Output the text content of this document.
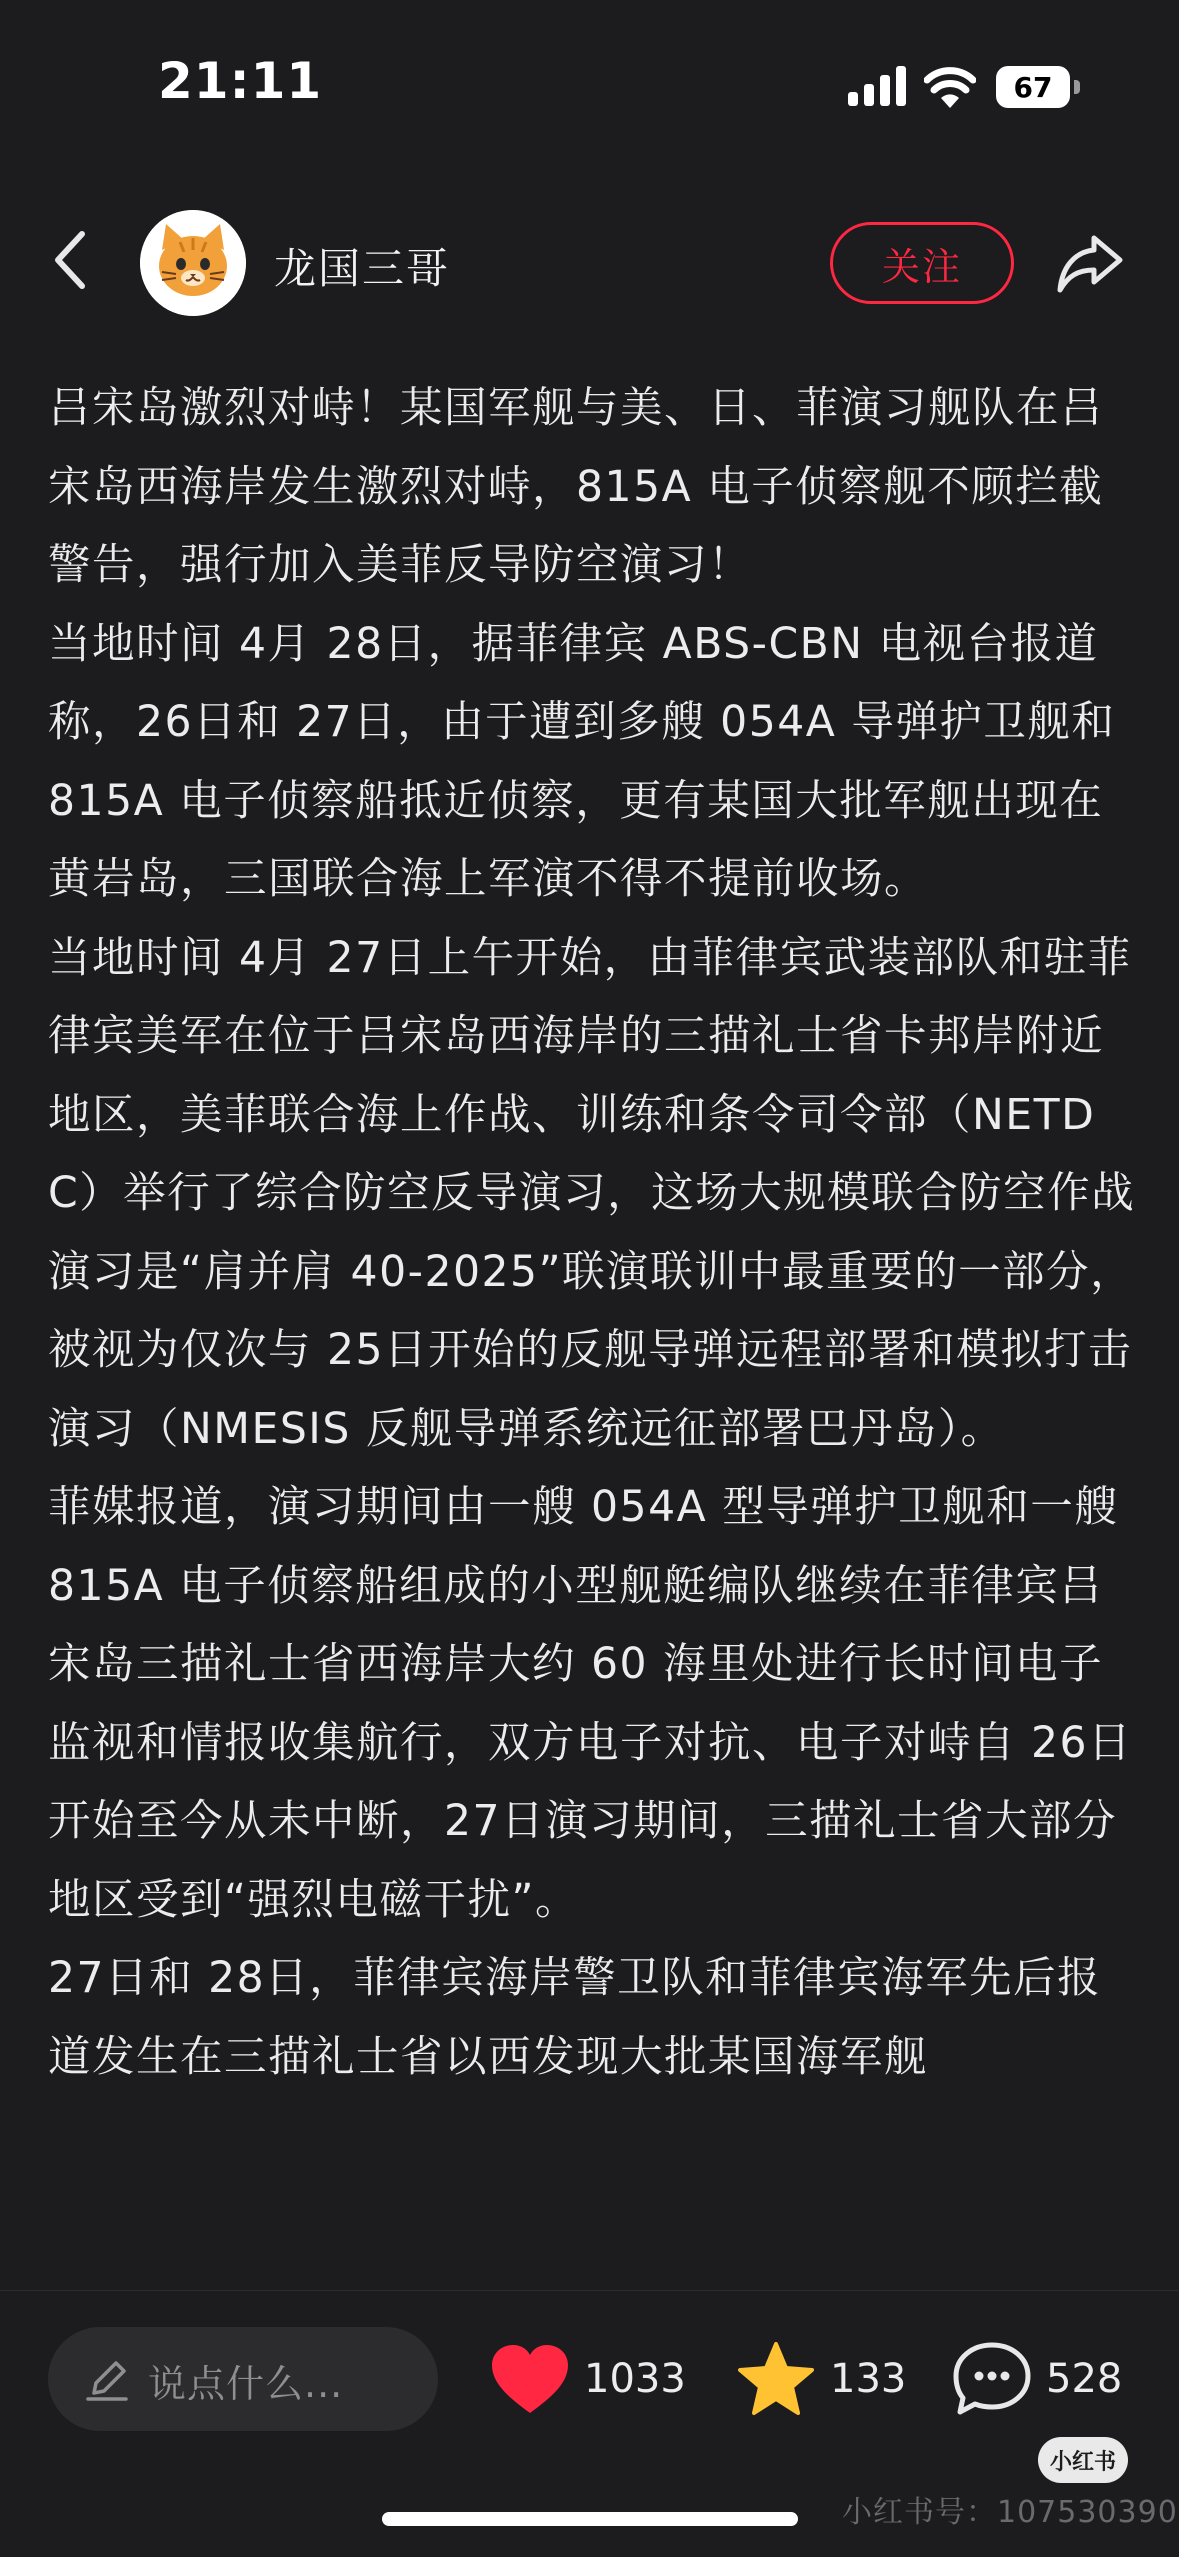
21:11	67
龙国三哥	关注

吕宋岛激烈对峙！某国军舰与美、日、菲演习舰队在吕宋岛西海岸发生激烈对峙，815A 电子侦察舰不顾拦截警告，强行加入美菲反导防空演习！

当地时间 4月 28日，据菲律宾 ABS-CBN 电视台报道称，26日和 27日，由于遭到多艘 054A 导弹护卫舰和 815A 电子侦察船抵近侦察，更有某国大批军舰出现在黄岩岛，三国联合海上军演不得不提前收场。

当地时间 4月 27日上午开始，由菲律宾武装部队和驻菲律宾美军在位于吕宋岛西海岸的三描礼士省卡邦岸附近地区，美菲联合海上作战、训练和条令司令部（NETDC）举行了综合防空反导演习，这场大规模联合防空作战演习是“肩并肩 40-2025”联演联训中最重要的一部分，被视为仅次与 25日开始的反舰导弹远程部署和模拟打击演习（NMESIS 反舰导弹系统远征部署巴丹岛）。

菲媒报道，演习期间由一艘 054A 型导弹护卫舰和一艘 815A 电子侦察船组成的小型舰艇编队继续在菲律宾吕宋岛三描礼士省西海岸大约 60 海里处进行长时间电子监视和情报收集航行，双方电子对抗、电子对峙自 26日开始至今从未中断，27日演习期间，三描礼士省大部分地区受到“强烈电磁干扰”。

27日和 28日，菲律宾海岸警卫队和菲律宾海军先后报道发生在三描礼士省以西发现大批某国海军舰

说点什么...	1033	133	528
小红书
小红书号：107530390
